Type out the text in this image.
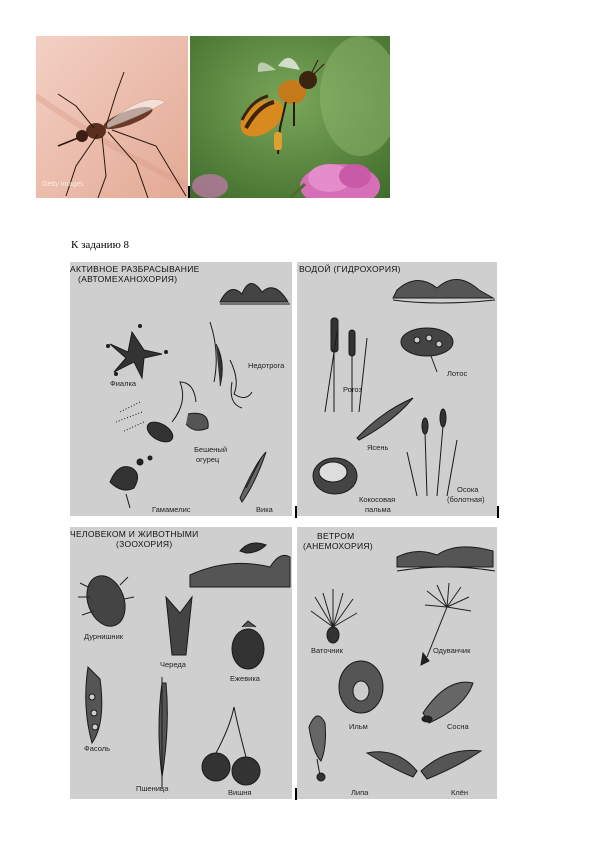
Getty Images
К заданию 8
АКТИВНОЕ РАЗБРАСЫВАНИЕ
(АВТОМЕХАНОХОРИЯ)
Фиалка
Недотрога
Бешеный
огурец
Гамамелис	Вика
ВОДОЙ (ГИДРОХОРИЯ)
Рогоз
Лотос
Ясень
Кокосовая
пальма
Осока
(болотная)
ЧЕЛОВЕКОМ И ЖИВОТНЫМИ
(ЗООХОРИЯ)
Дурнишник
Череда
Ежевика
Фасоль
Пшеница	Вишня
ВЕТРОМ
(АНЕМОХОРИЯ)
Ваточник	Одуванчик
Ильм	Сосна
Липа	Клён
